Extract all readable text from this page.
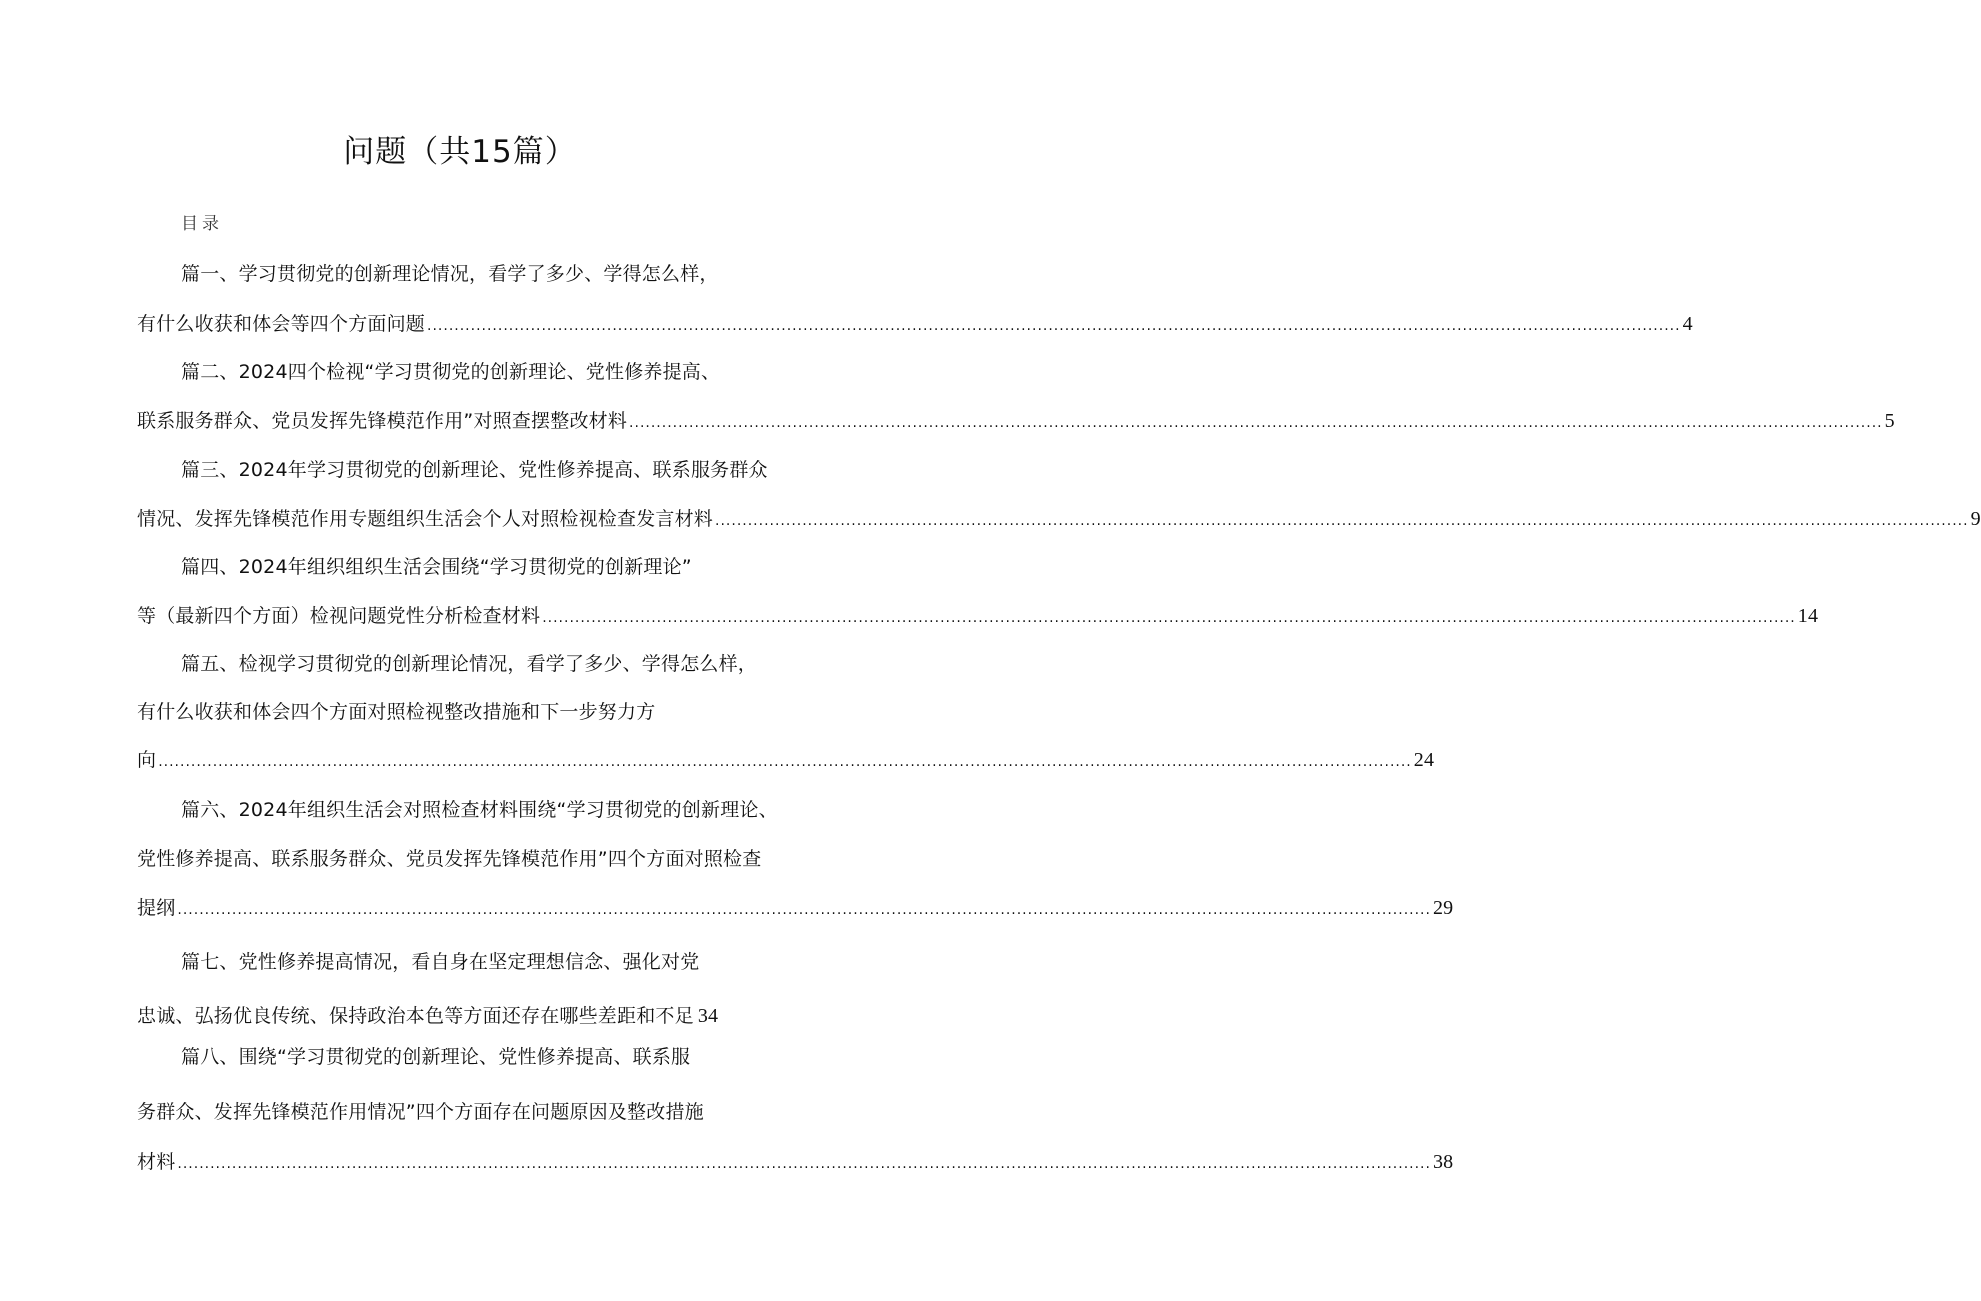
问题（共15篇）
目录
篇一、学习贯彻党的创新理论情况，看学了多少、学得怎么样，
有什么收获和体会等四个方面问题 ...................................................................................................................................................................................................................................... 4
篇二、2024四个检视“学习贯彻党的创新理论、党性修养提高、
联系服务群众、党员发挥先锋模范作用”对照查摆整改材料 ...................................................................................................................................................................................................................................... 5
篇三、2024年学习贯彻党的创新理论、党性修养提高、联系服务群众
情况、发挥先锋模范作用专题组织生活会个人对照检视检查发言材料 ...................................................................................................................................................................................................................................... 9
篇四、2024年组织组织生活会围绕“学习贯彻党的创新理论”
等（最新四个方面）检视问题党性分析检查材料 ...................................................................................................................................................................................................................................... 14
篇五、检视学习贯彻党的创新理论情况，看学了多少、学得怎么样，
有什么收获和体会四个方面对照检视整改措施和下一步努力方
向 ...................................................................................................................................................................................................................................... 24
篇六、2024年组织生活会对照检查材料围绕“学习贯彻党的创新理论、
党性修养提高、联系服务群众、党员发挥先锋模范作用”四个方面对照检查
提纲 ...................................................................................................................................................................................................................................... 29
篇七、党性修养提高情况，看自身在坚定理想信念、强化对党
忠诚、弘扬优良传统、保持政治本色等方面还存在哪些差距和不足 34
篇八、围绕“学习贯彻党的创新理论、党性修养提高、联系服
务群众、发挥先锋模范作用情况”四个方面存在问题原因及整改措施
材料 ...................................................................................................................................................................................................................................... 38
